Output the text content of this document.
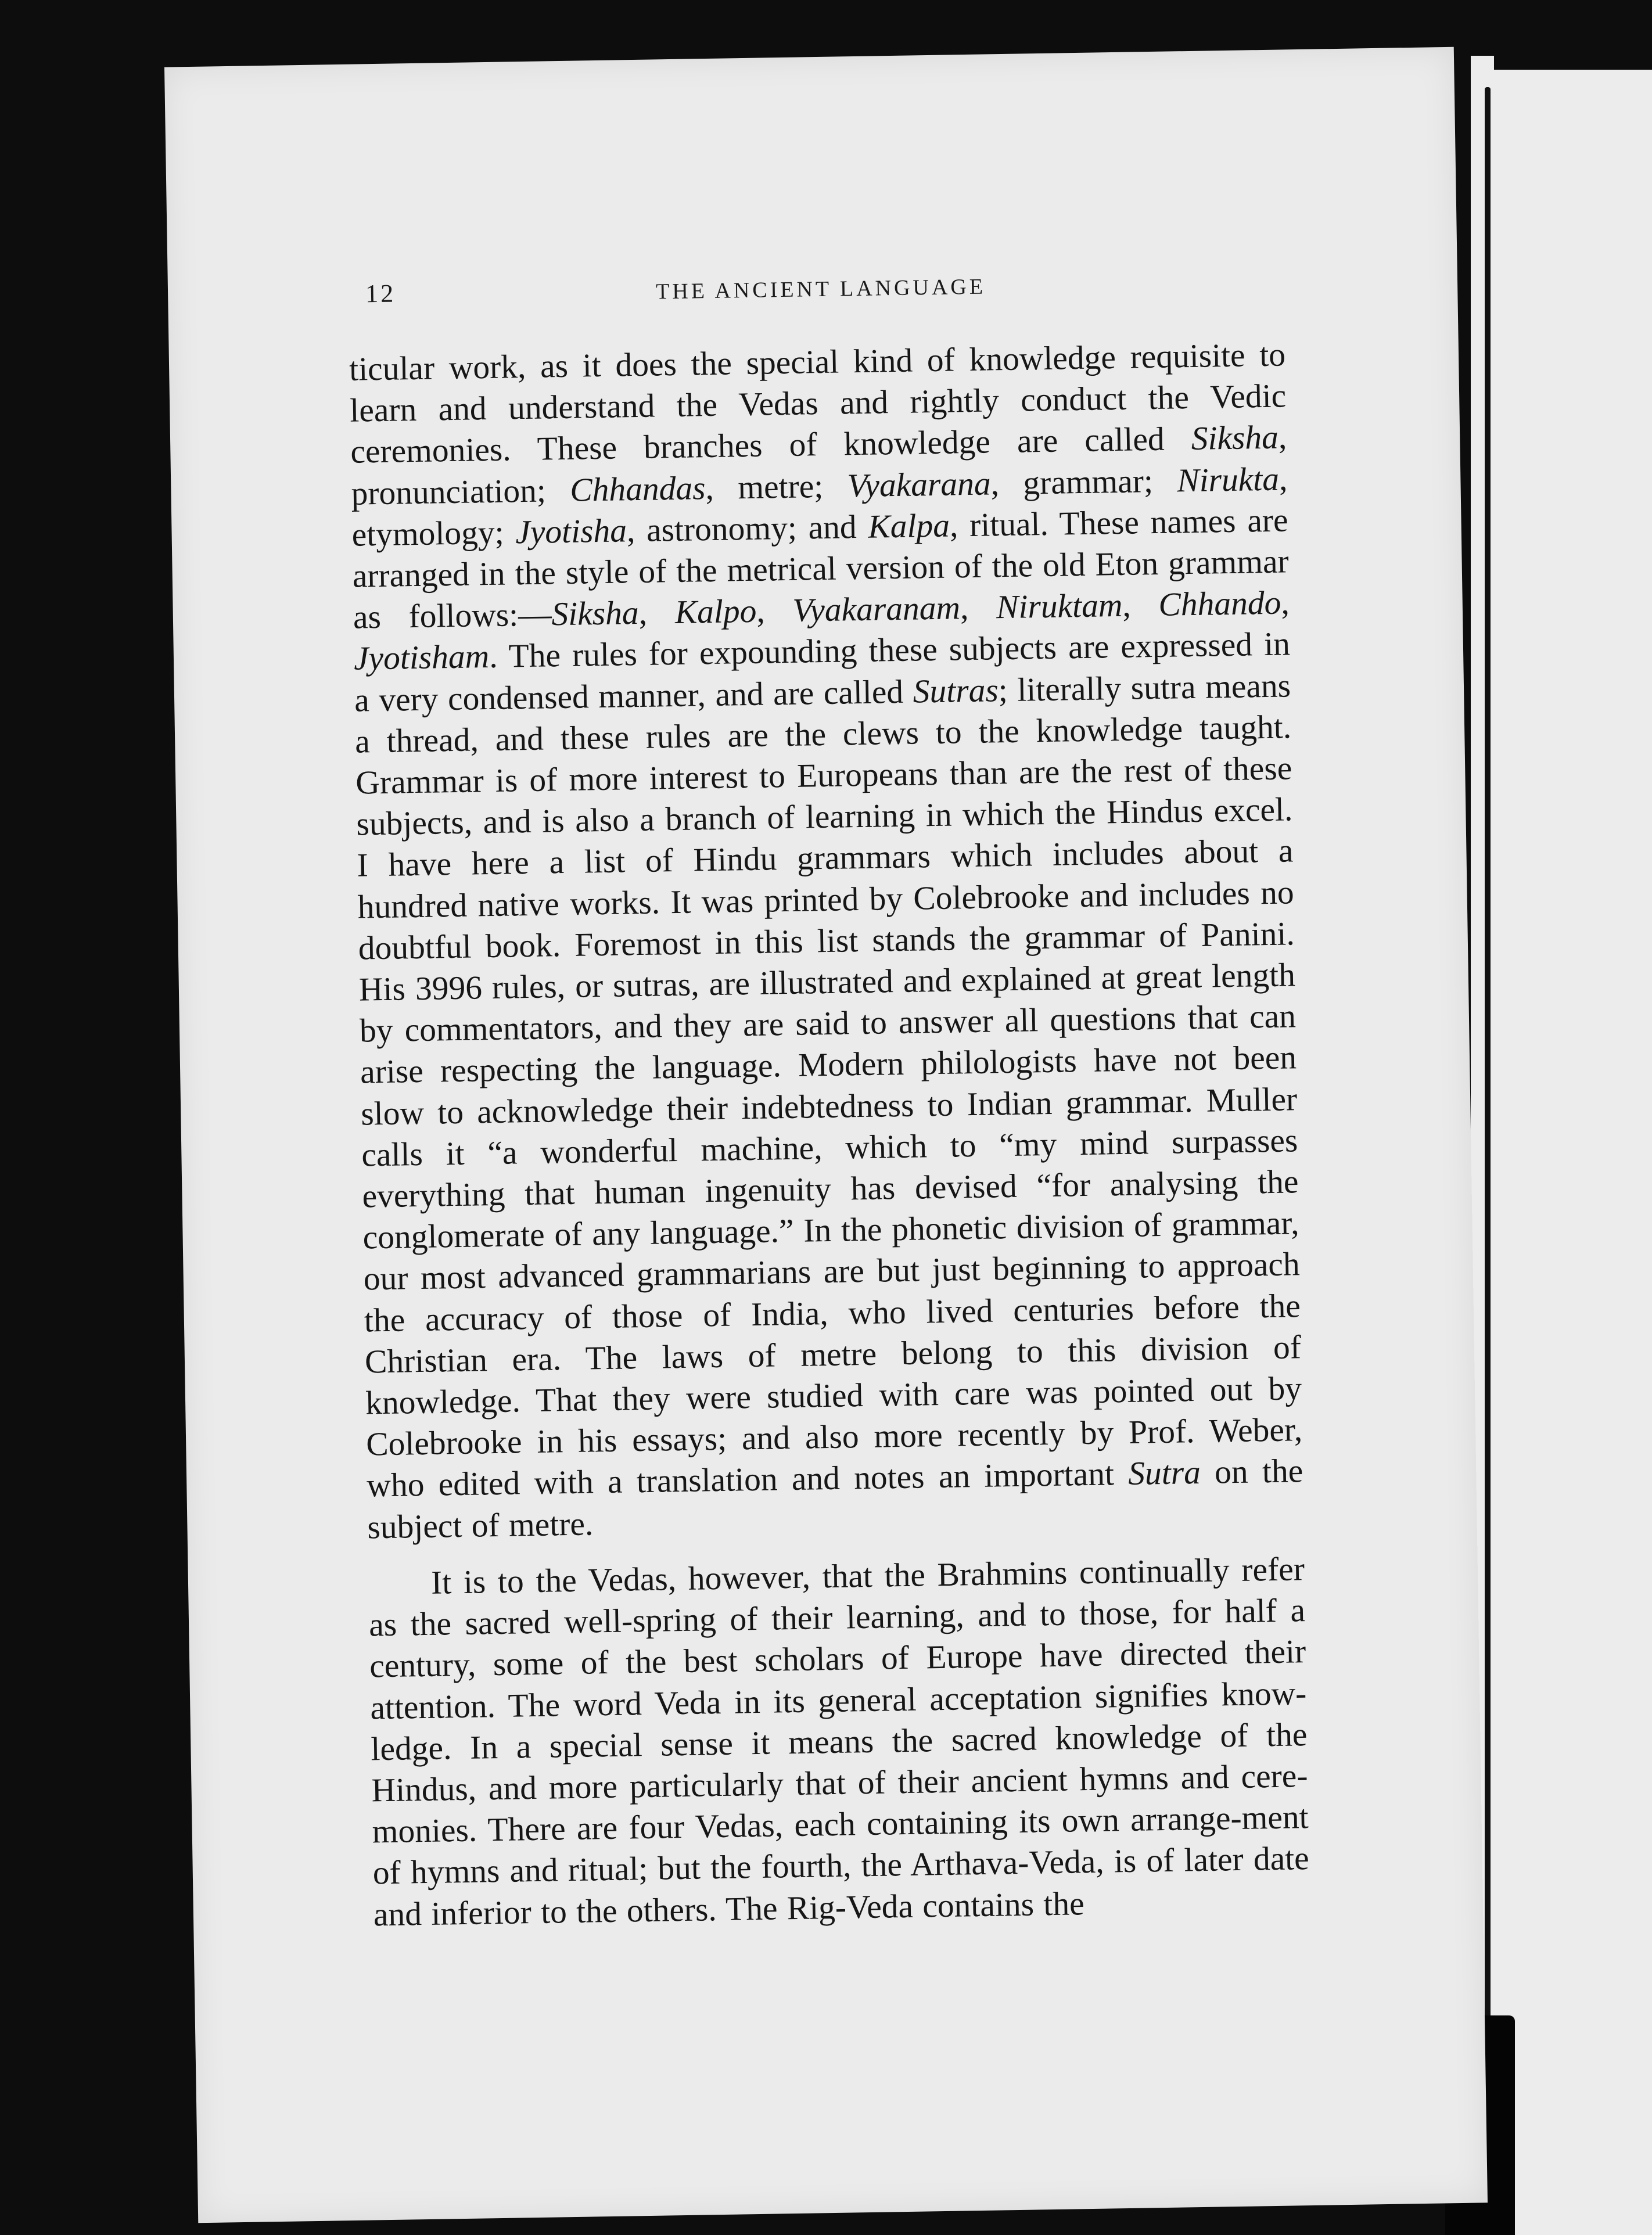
12	THE ANCIENT LANGUAGE

ticular work, as it does the special kind of knowledge requisite to learn and understand the Vedas and rightly conduct the Vedic ceremonies. These branches of knowledge are called Siksha, pronunciation; Chhandas, metre; Vyakarana, grammar; Nirukta, etymology; Jyotisha, astronomy; and Kalpa, ritual. These names are arranged in the style of the metrical version of the old Eton grammar as follows:—Siksha, Kalpo, Vyakaranam, Niruktam, Chhando, Jyotisham. The rules for expounding these subjects are expressed in a very condensed manner, and are called Sutras; literally sutra means a thread, and these rules are the clews to the knowledge taught. Grammar is of more interest to Europeans than are the rest of these subjects, and is also a branch of learning in which the Hindus excel. I have here a list of Hindu grammars which includes about a hundred native works. It was printed by Colebrooke and includes no doubtful book. Foremost in this list stands the grammar of Panini. His 3996 rules, or sutras, are illustrated and explained at great length by commentators, and they are said to answer all questions that can arise respecting the language. Modern philologists have not been slow to acknowledge their indebtedness to Indian grammar. Muller calls it “a wonderful machine, which to “my mind surpasses everything that human ingenuity has devised “for analysing the conglomerate of any language.” In the phonetic division of grammar, our most advanced grammarians are but just beginning to approach the accuracy of those of India, who lived centuries before the Christian era. The laws of metre belong to this division of knowledge. That they were studied with care was pointed out by Colebrooke in his essays; and also more recently by Prof. Weber, who edited with a translation and notes an important Sutra on the subject of metre.

It is to the Vedas, however, that the Brahmins continually refer as the sacred well-spring of their learning, and to those, for half a century, some of the best scholars of Europe have directed their attention. The word Veda in its general acceptation signifies know-ledge. In a special sense it means the sacred knowledge of the Hindus, and more particularly that of their ancient hymns and cere-monies. There are four Vedas, each containing its own arrange-ment of hymns and ritual; but the fourth, the Arthava-Veda, is of later date and inferior to the others. The Rig-Veda contains the
